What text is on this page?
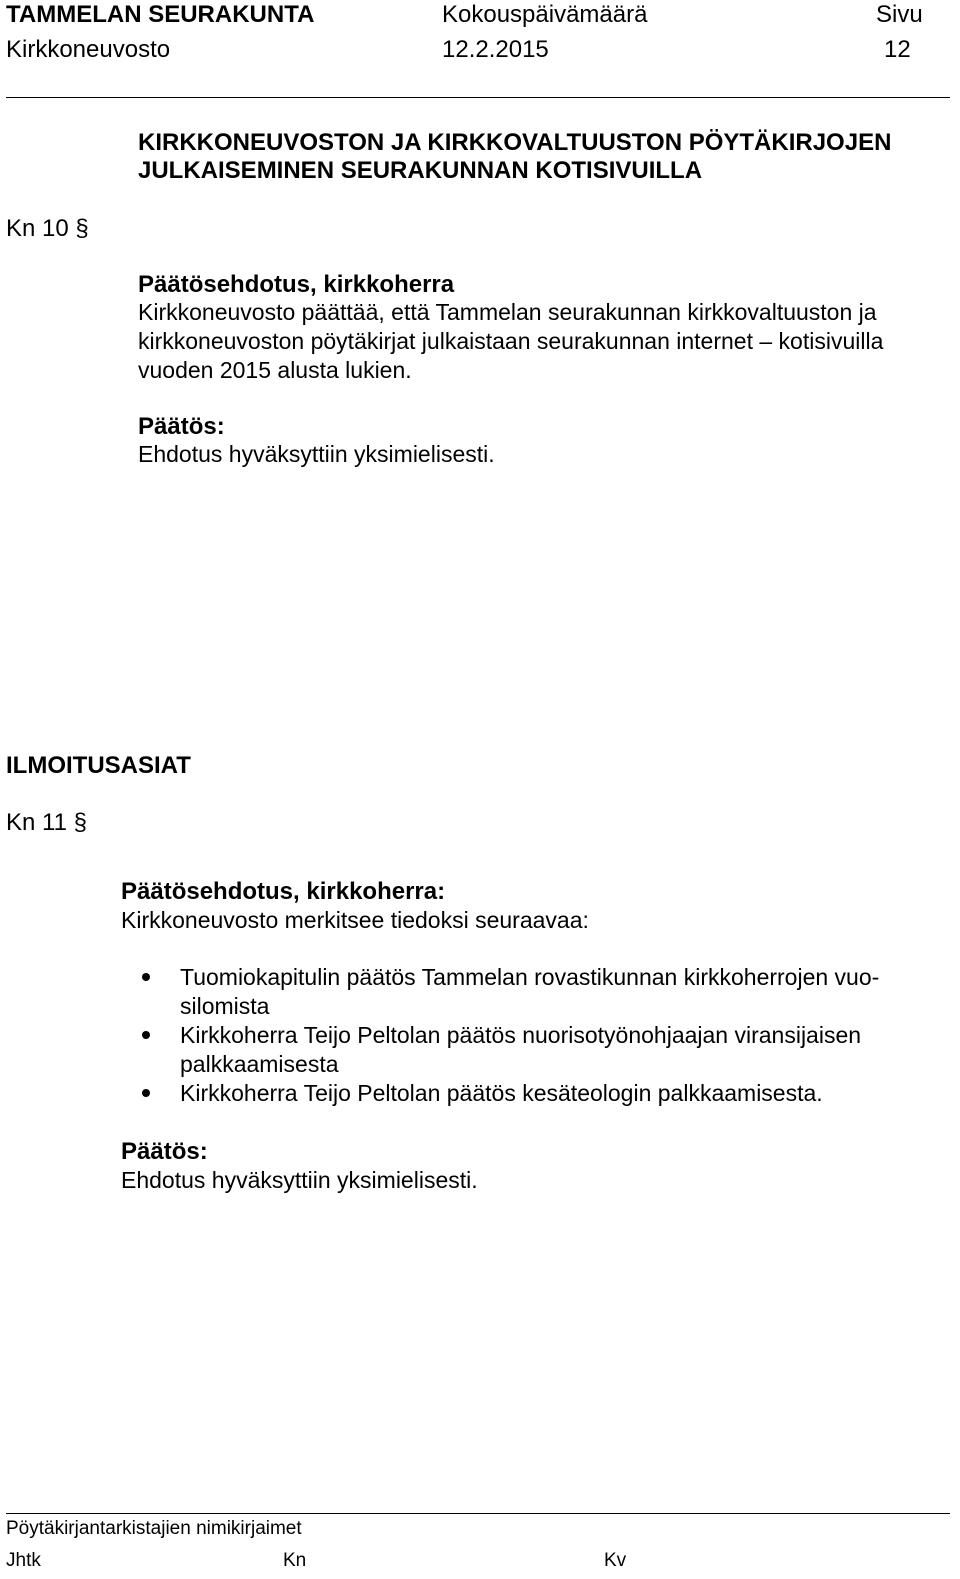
TAMMELAN SEURAKUNTA	Kokouspäivämäärä	Sivu
Kirkkoneuvosto	12.2.2015	12
KIRKKONEUVOSTON JA KIRKKOVALTUUSTON PÖYTÄKIRJOJEN
JULKAISEMINEN SEURAKUNNAN KOTISIVUILLA
Kn 10 §
Päätösehdotus, kirkkoherra
Kirkkoneuvosto päättää, että Tammelan seurakunnan kirkkovaltuuston ja
kirkkoneuvoston pöytäkirjat julkaistaan seurakunnan internet – kotisivuilla
vuoden 2015 alusta lukien.
Päätös:
Ehdotus hyväksyttiin yksimielisesti.
ILMOITUSASIAT
Kn 11 §
Päätösehdotus, kirkkoherra:
Kirkkoneuvosto merkitsee tiedoksi seuraavaa:
Tuomiokapitulin päätös Tammelan rovastikunnan kirkkoherrojen vuo-
silomista
Kirkkoherra Teijo Peltolan päätös nuorisotyönohjaajan viransijaisen
palkkaamisesta
Kirkkoherra Teijo Peltolan päätös kesäteologin palkkaamisesta.
Päätös:
Ehdotus hyväksyttiin yksimielisesti.
Pöytäkirjantarkistajien nimikirjaimet
Jhtk	Kn	Kv
